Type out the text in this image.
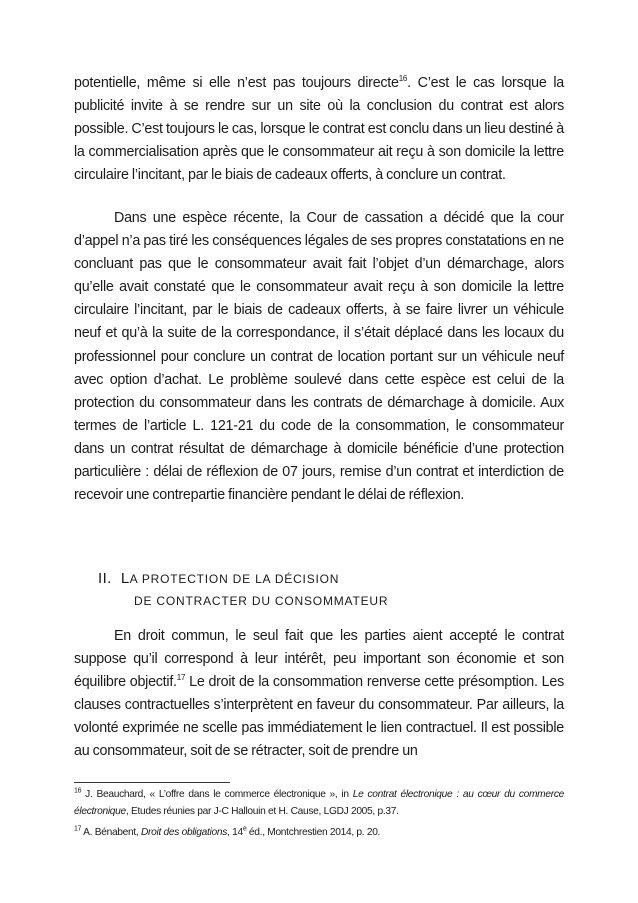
potentielle, même si elle n’est pas toujours directe$^{16}$. C’est le cas lorsque la publicité invite à se rendre sur un site où la conclusion du contrat est alors possible. C’est toujours le cas, lorsque le contrat est conclu dans un lieu destiné à la commercialisation après que le consommateur ait reçu à son domicile la lettre circulaire l’incitant, par le biais de cadeaux offerts, à conclure un contrat.

Dans une espèce récente, la Cour de cassation a décidé que la cour d’appel n’a pas tiré les conséquences légales de ses propres constatations en ne concluant pas que le consommateur avait fait l’objet d’un démarchage, alors qu’elle avait constaté que le consommateur avait reçu à son domicile la lettre circulaire l’incitant, par le biais de cadeaux offerts, à se faire livrer un véhicule neuf et qu’à la suite de la correspondance, il s’était déplacé dans les locaux du professionnel pour conclure un contrat de location portant sur un véhicule neuf avec option d’achat. Le problème soulevé dans cette espèce est celui de la protection du consommateur dans les contrats de démarchage à domicile. Aux termes de l’article L. 121-21 du code de la consommation, le consommateur dans un contrat résultat de démarchage à domicile bénéficie d’une protection particulière : délai de réflexion de 07 jours, remise d’un contrat et interdiction de recevoir une contrepartie financière pendant le délai de réflexion.

II. LA PROTECTION DE LA DÉCISION

DE CONTRACTER DU CONSOMMATEUR

En droit commun, le seul fait que les parties aient accepté le contrat suppose qu’il correspond à leur intérêt, peu important son économie et son équilibre objectif.$^{17}$ Le droit de la consommation renverse cette présomption. Les clauses contractuelles s’interprètent en faveur du consommateur. Par ailleurs, la volonté exprimée ne scelle pas immédiatement le lien contractuel. Il est possible au consommateur, soit de se rétracter, soit de prendre un

$^{16}$ J. Beauchard, « L’offre dans le commerce électronique », in Le contrat électronique : au cœur du commerce électronique, Etudes réunies par J-C Hallouin et H. Cause, LGDJ 2005, p.37.

$^{17}$ A. Bénabent, Droit des obligations, 14e éd., Montchrestien 2014, p. 20.
